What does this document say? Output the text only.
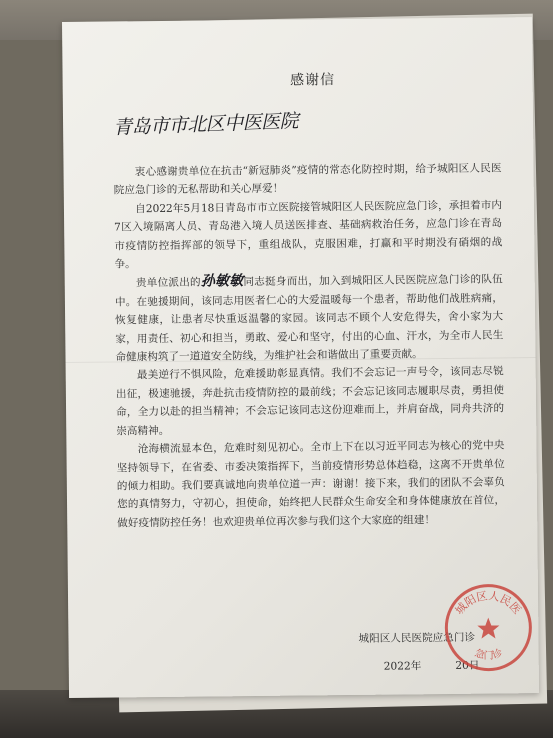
感谢信
青岛市市北区中医医院

衷心感谢贵单位在抗击“新冠肺炎”疫情的常态化防控时期，给予城阳区人民医院应急门诊的无私帮助和关心厚爱！

自2022年5月18日青岛市市立医院接管城阳区人民医院应急门诊，承担着市内7区入境隔离人员、青岛港入境人员送医排查、基础病救治任务，应急门诊在青岛市疫情防控指挥部的领导下，重组战队，克服困难，打赢和平时期没有硝烟的战争。

贵单位派出的孙敏敏同志挺身而出，加入到城阳区人民医院应急门诊的队伍中。在驰援期间，该同志用医者仁心的大爱温暖每一个患者，帮助他们战胜病痛，恢复健康，让患者尽快重返温馨的家园。该同志不顾个人安危得失，舍小家为大家，用责任、初心和担当，勇敢、爱心和坚守，付出的心血、汗水，为全市人民生命健康构筑了一道道安全防线，为维护社会和谐做出了重要贡献。

最美逆行不惧风险，危难援助彰显真情。我们不会忘记一声号令，该同志尽锐出征，极速驰援，奔赴抗击疫情防控的最前线；不会忘记该同志履职尽责，勇担使命，全力以赴的担当精神；不会忘记该同志这份迎难而上，并肩奋战，同舟共济的崇高精神。

沧海横流显本色，危难时刻见初心。全市上下在以习近平同志为核心的党中央坚持领导下，在省委、市委决策指挥下，当前疫情形势总体趋稳，这离不开贵单位的倾力相助。我们要真诚地向贵单位道一声：谢谢！接下来，我们的团队不会辜负您的真情努力，守初心，担使命，始终把人民群众生命安全和身体健康放在首位，做好疫情防控任务！也欢迎贵单位再次参与我们这个大家庭的组建！

城阳区人民医院应急门诊
2022年	20日
城阳区人民医
急门诊
